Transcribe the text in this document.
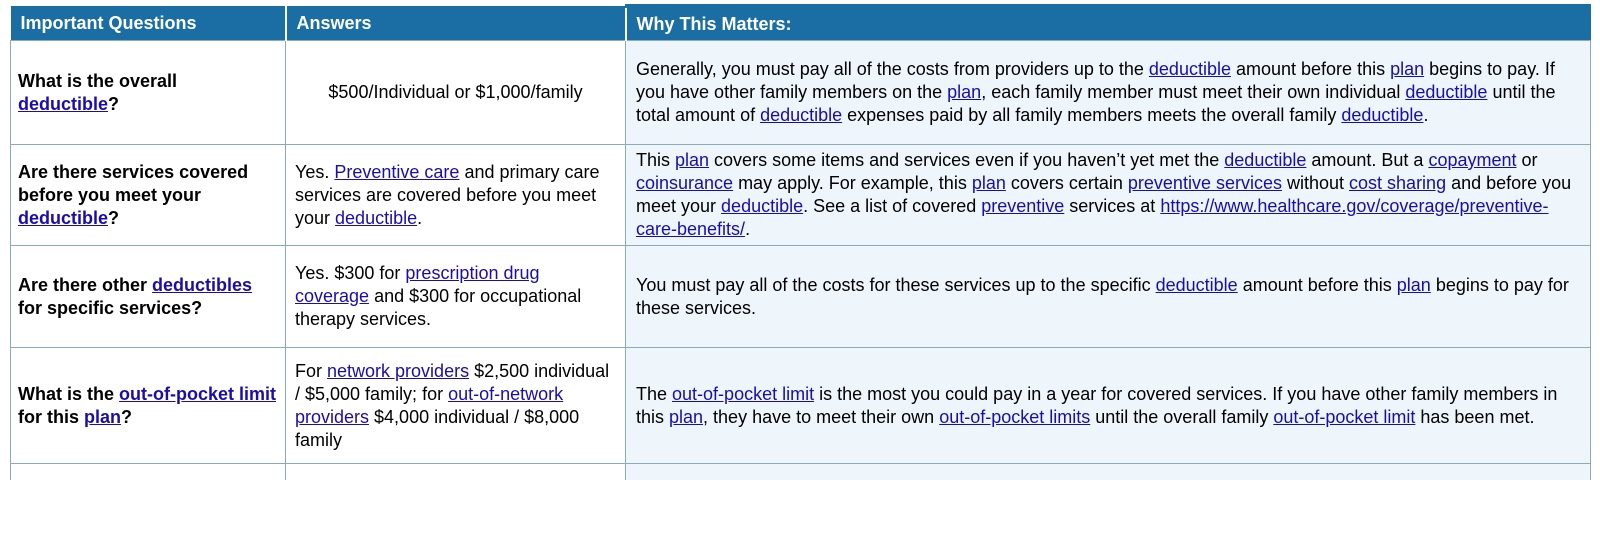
Important Questions	Answers	Why This Matters:
What is the overall deductible?	$500/Individual or $1,000/family	Generally, you must pay all of the costs from providers up to the deductible amount before this plan begins to pay. If you have other family members on the plan, each family member must meet their own individual deductible until the total amount of deductible expenses paid by all family members meets the overall family deductible.
Are there services covered before you meet your deductible?	Yes. Preventive care and primary care services are covered before you meet your deductible.	This plan covers some items and services even if you haven’t yet met the deductible amount. But a copayment or coinsurance may apply. For example, this plan covers certain preventive services without cost sharing and before you meet your deductible. See a list of covered preventive services at https://www.healthcare.gov/coverage/preventive-care-benefits/.
Are there other deductibles for specific services?	Yes. $300 for prescription drug coverage and $300 for occupational therapy services.	You must pay all of the costs for these services up to the specific deductible amount before this plan begins to pay for these services.
What is the out-of-pocket limit for this plan?	For network providers $2,500 individual / $5,000 family; for out-of-network providers $4,000 individual / $8,000 family	The out-of-pocket limit is the most you could pay in a year for covered services. If you have other family members in this plan, they have to meet their own out-of-pocket limits until the overall family out-of-pocket limit has been met.
